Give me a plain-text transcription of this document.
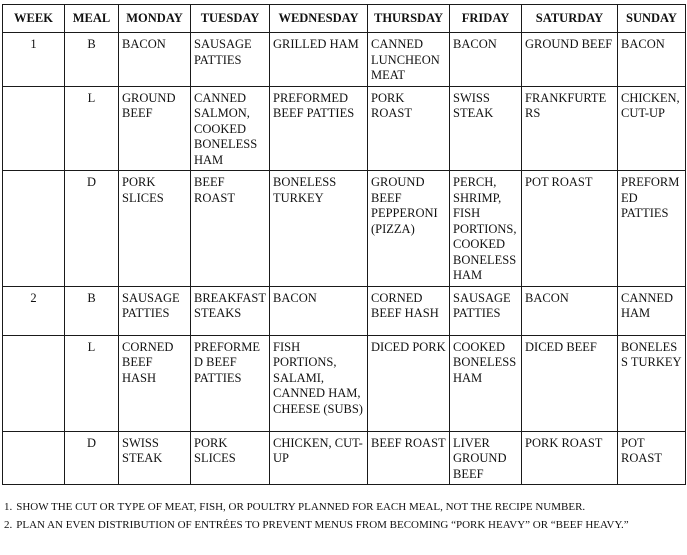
WEEK	MEAL	MONDAY	TUESDAY	WEDNESDAY	THURSDAY	FRIDAY	SATURDAY	SUNDAY
1	B	BACON	SAUSAGE PATTIES	GRILLED HAM	CANNED LUNCHEON MEAT	BACON	GROUND BEEF	BACON
	L	GROUND BEEF	CANNED SALMON, COOKED BONELESS HAM	PREFORMED BEEF PATTIES	PORK ROAST	SWISS STEAK	FRANKFURTERS	CHICKEN, CUT-UP
	D	PORK SLICES	BEEF ROAST	BONELESS TURKEY	GROUND BEEF PEPPERONI (PIZZA)	PERCH, SHRIMP, FISH PORTIONS, COOKED BONELESS HAM	POT ROAST	PREFORMED PATTIES
2	B	SAUSAGE PATTIES	BREAKFAST STEAKS	BACON	CORNED BEEF HASH	SAUSAGE PATTIES	BACON	CANNED HAM
	L	CORNED BEEF HASH	PREFORMED BEEF PATTIES	FISH PORTIONS, SALAMI, CANNED HAM, CHEESE (SUBS)	DICED PORK	COOKED BONELESS HAM	DICED BEEF	BONELESS TURKEY
	D	SWISS STEAK	PORK SLICES	CHICKEN, CUT-UP	BEEF ROAST	LIVER GROUND BEEF	PORK ROAST	POT ROAST
1. SHOW THE CUT OR TYPE OF MEAT, FISH, OR POULTRY PLANNED FOR EACH MEAL, NOT THE RECIPE NUMBER.
2. PLAN AN EVEN DISTRIBUTION OF ENTRÉES TO PREVENT MENUS FROM BECOMING “PORK HEAVY” OR “BEEF HEAVY.”
